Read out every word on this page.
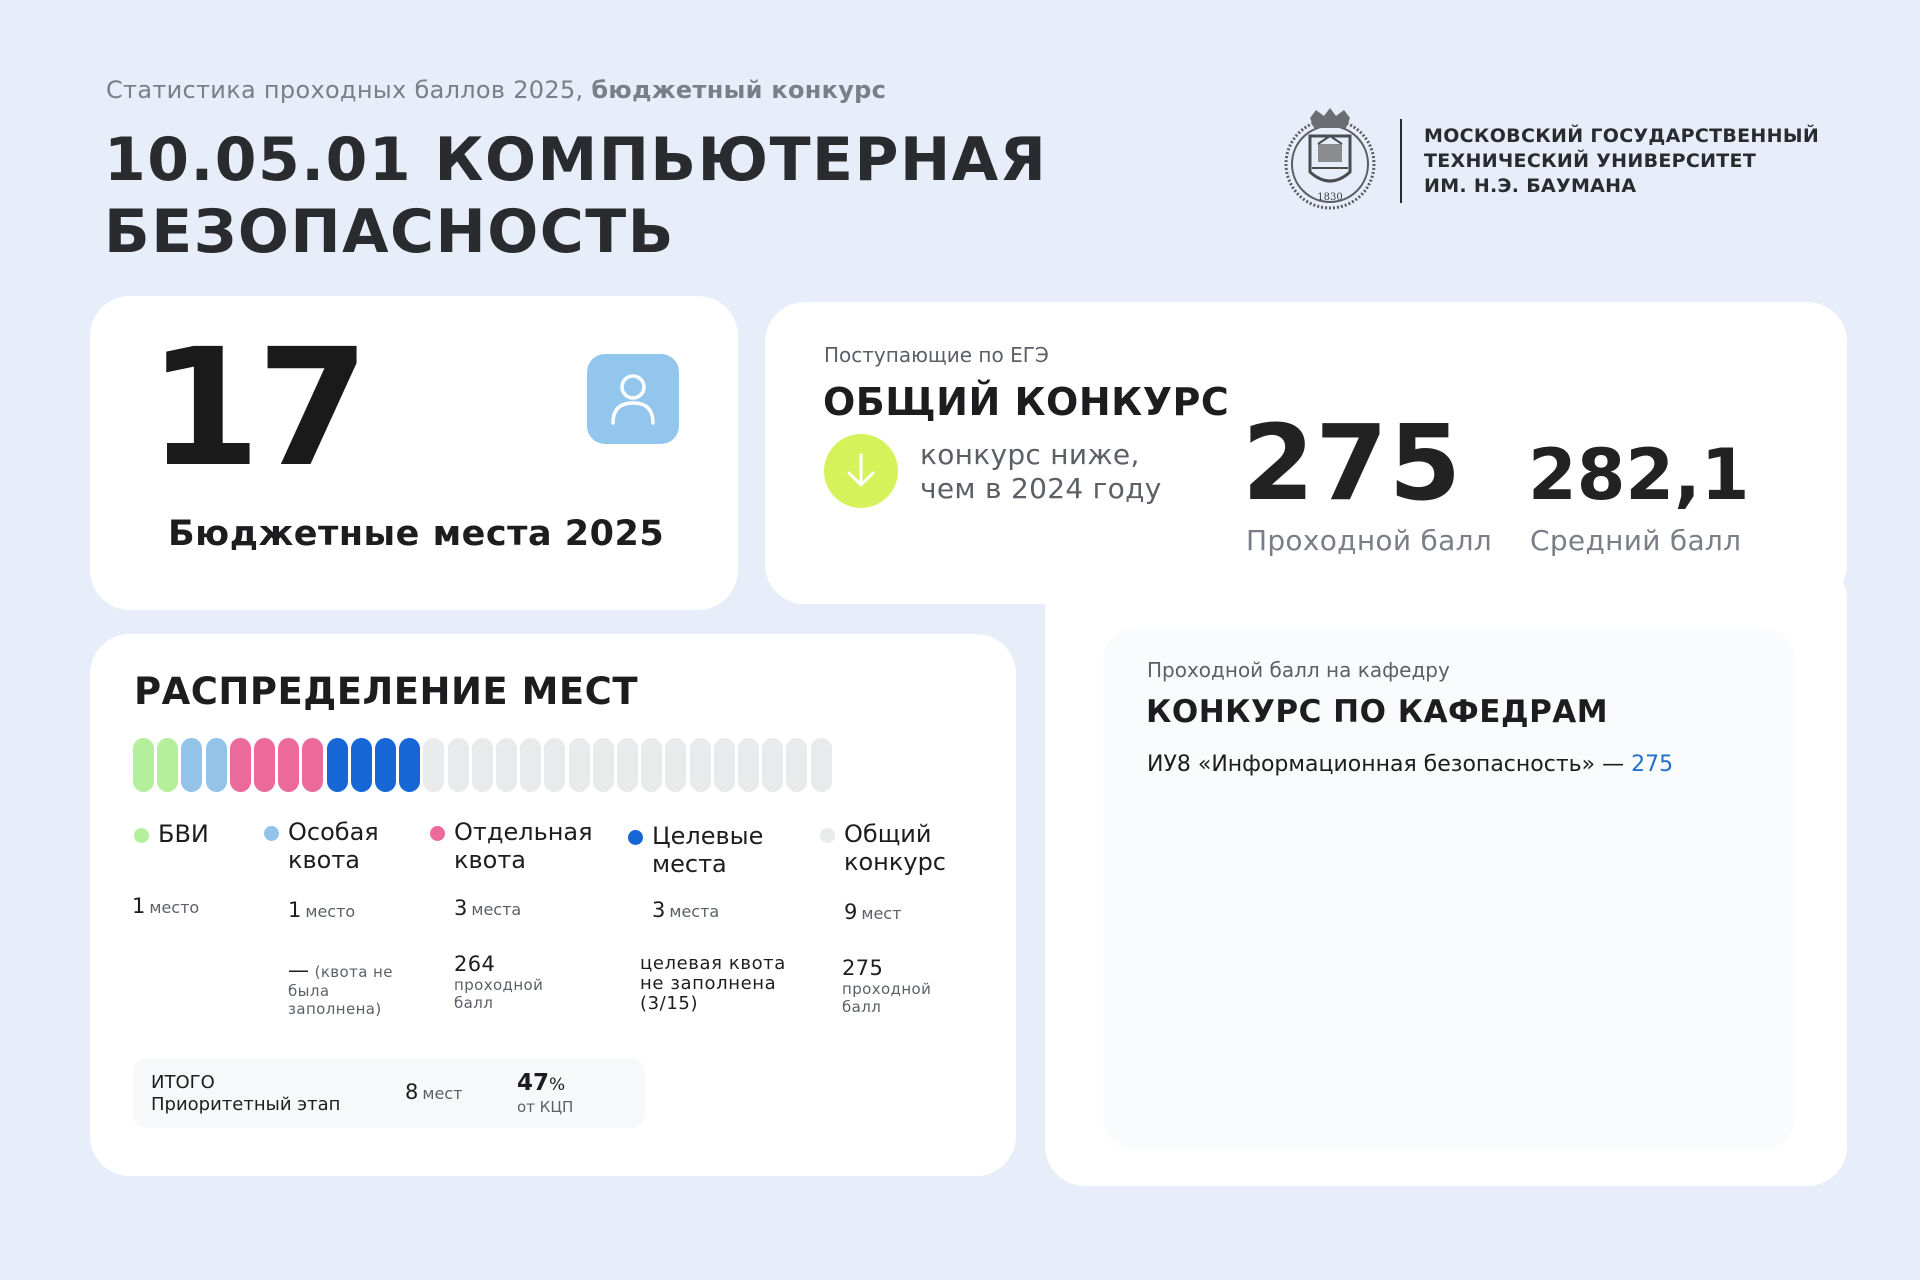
Статистика проходных баллов 2025, бюджетный конкурс
10.05.01 КОМПЬЮТЕРНАЯ
БЕЗОПАСНОСТЬ	1830
МОСКОВСКИЙ ГОСУДАРСТВЕННЫЙ
ТЕХНИЧЕСКИЙ УНИВЕРСИТЕТ
ИМ. Н.Э. БАУМАНА
17
Бюджетные места 2025
Поступающие по ЕГЭ
ОБЩИЙ КОНКУРС
конкурс ниже,
чем в 2024 году 275 282,1
Проходной балл Средний балл
Проходной балл на кафедру
КОНКУРС ПО КАФЕДРАМ
ИУ8 «Информационная безопасность» — 275
РАСПРЕДЕЛЕНИЕ МЕСТ
БВИ
1 место
Особая
квота
1 место
— (квота не была заполнена)
Отдельная
квота
3 места
264
проходной балл
Целевые
места
3 места
целевая квота не заполнена (3/15)
Общий
конкурс
9 мест
275
проходной балл
ИТОГО
Приоритетный этап
8 мест 47%
от КЦП
